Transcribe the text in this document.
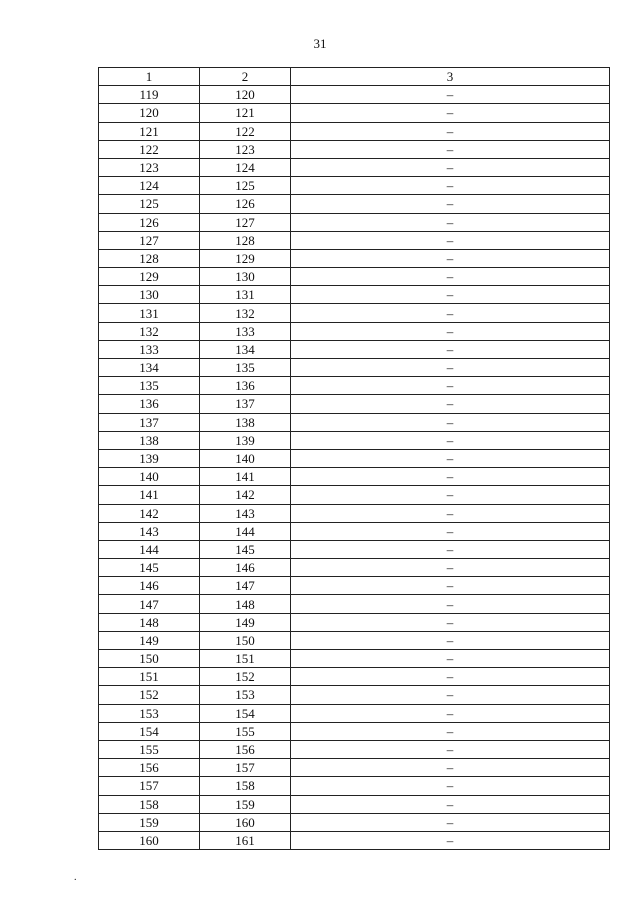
31
1	2	3
119	120	–
120	121	–
121	122	–
122	123	–
123	124	–
124	125	–
125	126	–
126	127	–
127	128	–
128	129	–
129	130	–
130	131	–
131	132	–
132	133	–
133	134	–
134	135	–
135	136	–
136	137	–
137	138	–
138	139	–
139	140	–
140	141	–
141	142	–
142	143	–
143	144	–
144	145	–
145	146	–
146	147	–
147	148	–
148	149	–
149	150	–
150	151	–
151	152	–
152	153	–
153	154	–
154	155	–
155	156	–
156	157	–
157	158	–
158	159	–
159	160	–
160	161	–
.
